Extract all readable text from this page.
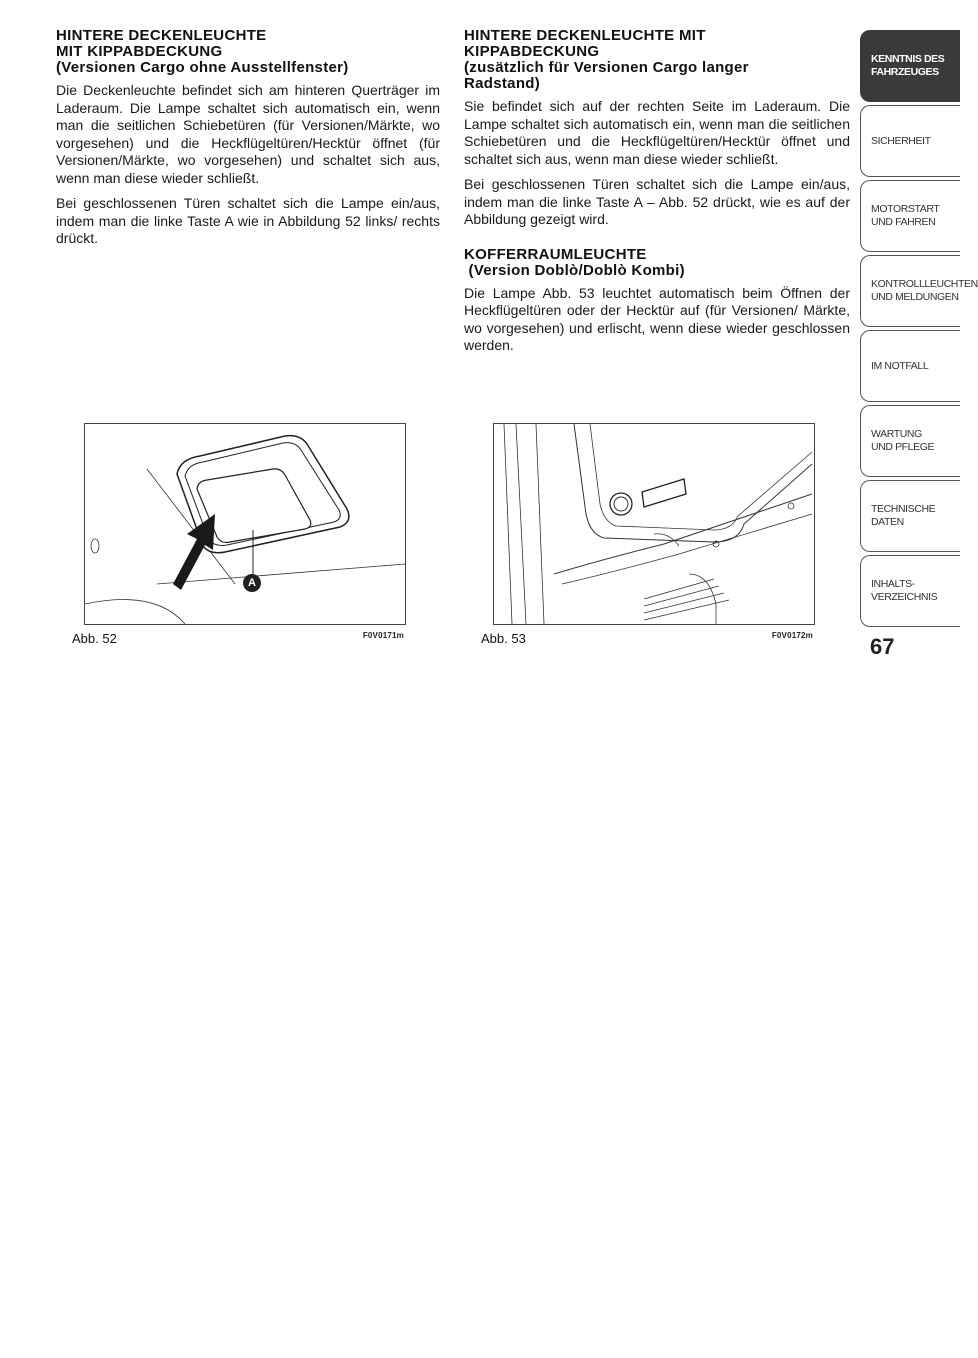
HINTERE DECKENLEUCHTE
MIT KIPPABDECKUNG
(Versionen Cargo ohne Ausstellfenster)

Die Deckenleuchte befindet sich am hinteren Querträger im Laderaum. Die Lampe schaltet sich automatisch ein, wenn man die seitlichen Schiebetüren (für Versionen/Märkte, wo vorgesehen) und die Heckflügeltüren/Hecktür öffnet (für Versionen/Märkte, wo vorgesehen) und schaltet sich aus, wenn man diese wieder schließt.

Bei geschlossenen Türen schaltet sich die Lampe ein/aus, indem man die linke Taste A wie in Abbildung 52 links/ rechts drückt.

HINTERE DECKENLEUCHTE MIT
KIPPABDECKUNG
(zusätzlich für Versionen Cargo langer
Radstand)

Sie befindet sich auf der rechten Seite im Laderaum. Die Lampe schaltet sich automatisch ein, wenn man die seitlichen Schiebetüren und die Heckflügeltüren/Hecktür öffnet und schaltet sich aus, wenn man diese wieder schließt.

Bei geschlossenen Türen schaltet sich die Lampe ein/aus, indem man die linke Taste A – Abb. 52 drückt, wie es auf der Abbildung gezeigt wird.

KOFFERRAUMLEUCHTE
(Version Doblò/Doblò Kombi)

Die Lampe Abb. 53 leuchtet automatisch beim Öffnen der Heckflügeltüren oder der Hecktür auf (für Versionen/ Märkte, wo vorgesehen) und erlischt, wenn diese wieder geschlossen werden.

A
Abb. 52	F0V0171m	Abb. 53	F0V0172m	67
KENNTNIS DES
FAHRZEUGES
SICHERHEIT
MOTORSTART
UND FAHREN
KONTROLLLEUCHTEN
UND MELDUNGEN
IM NOTFALL
WARTUNG
UND PFLEGE
TECHNISCHE DATEN
INHALTS-
VERZEICHNIS
